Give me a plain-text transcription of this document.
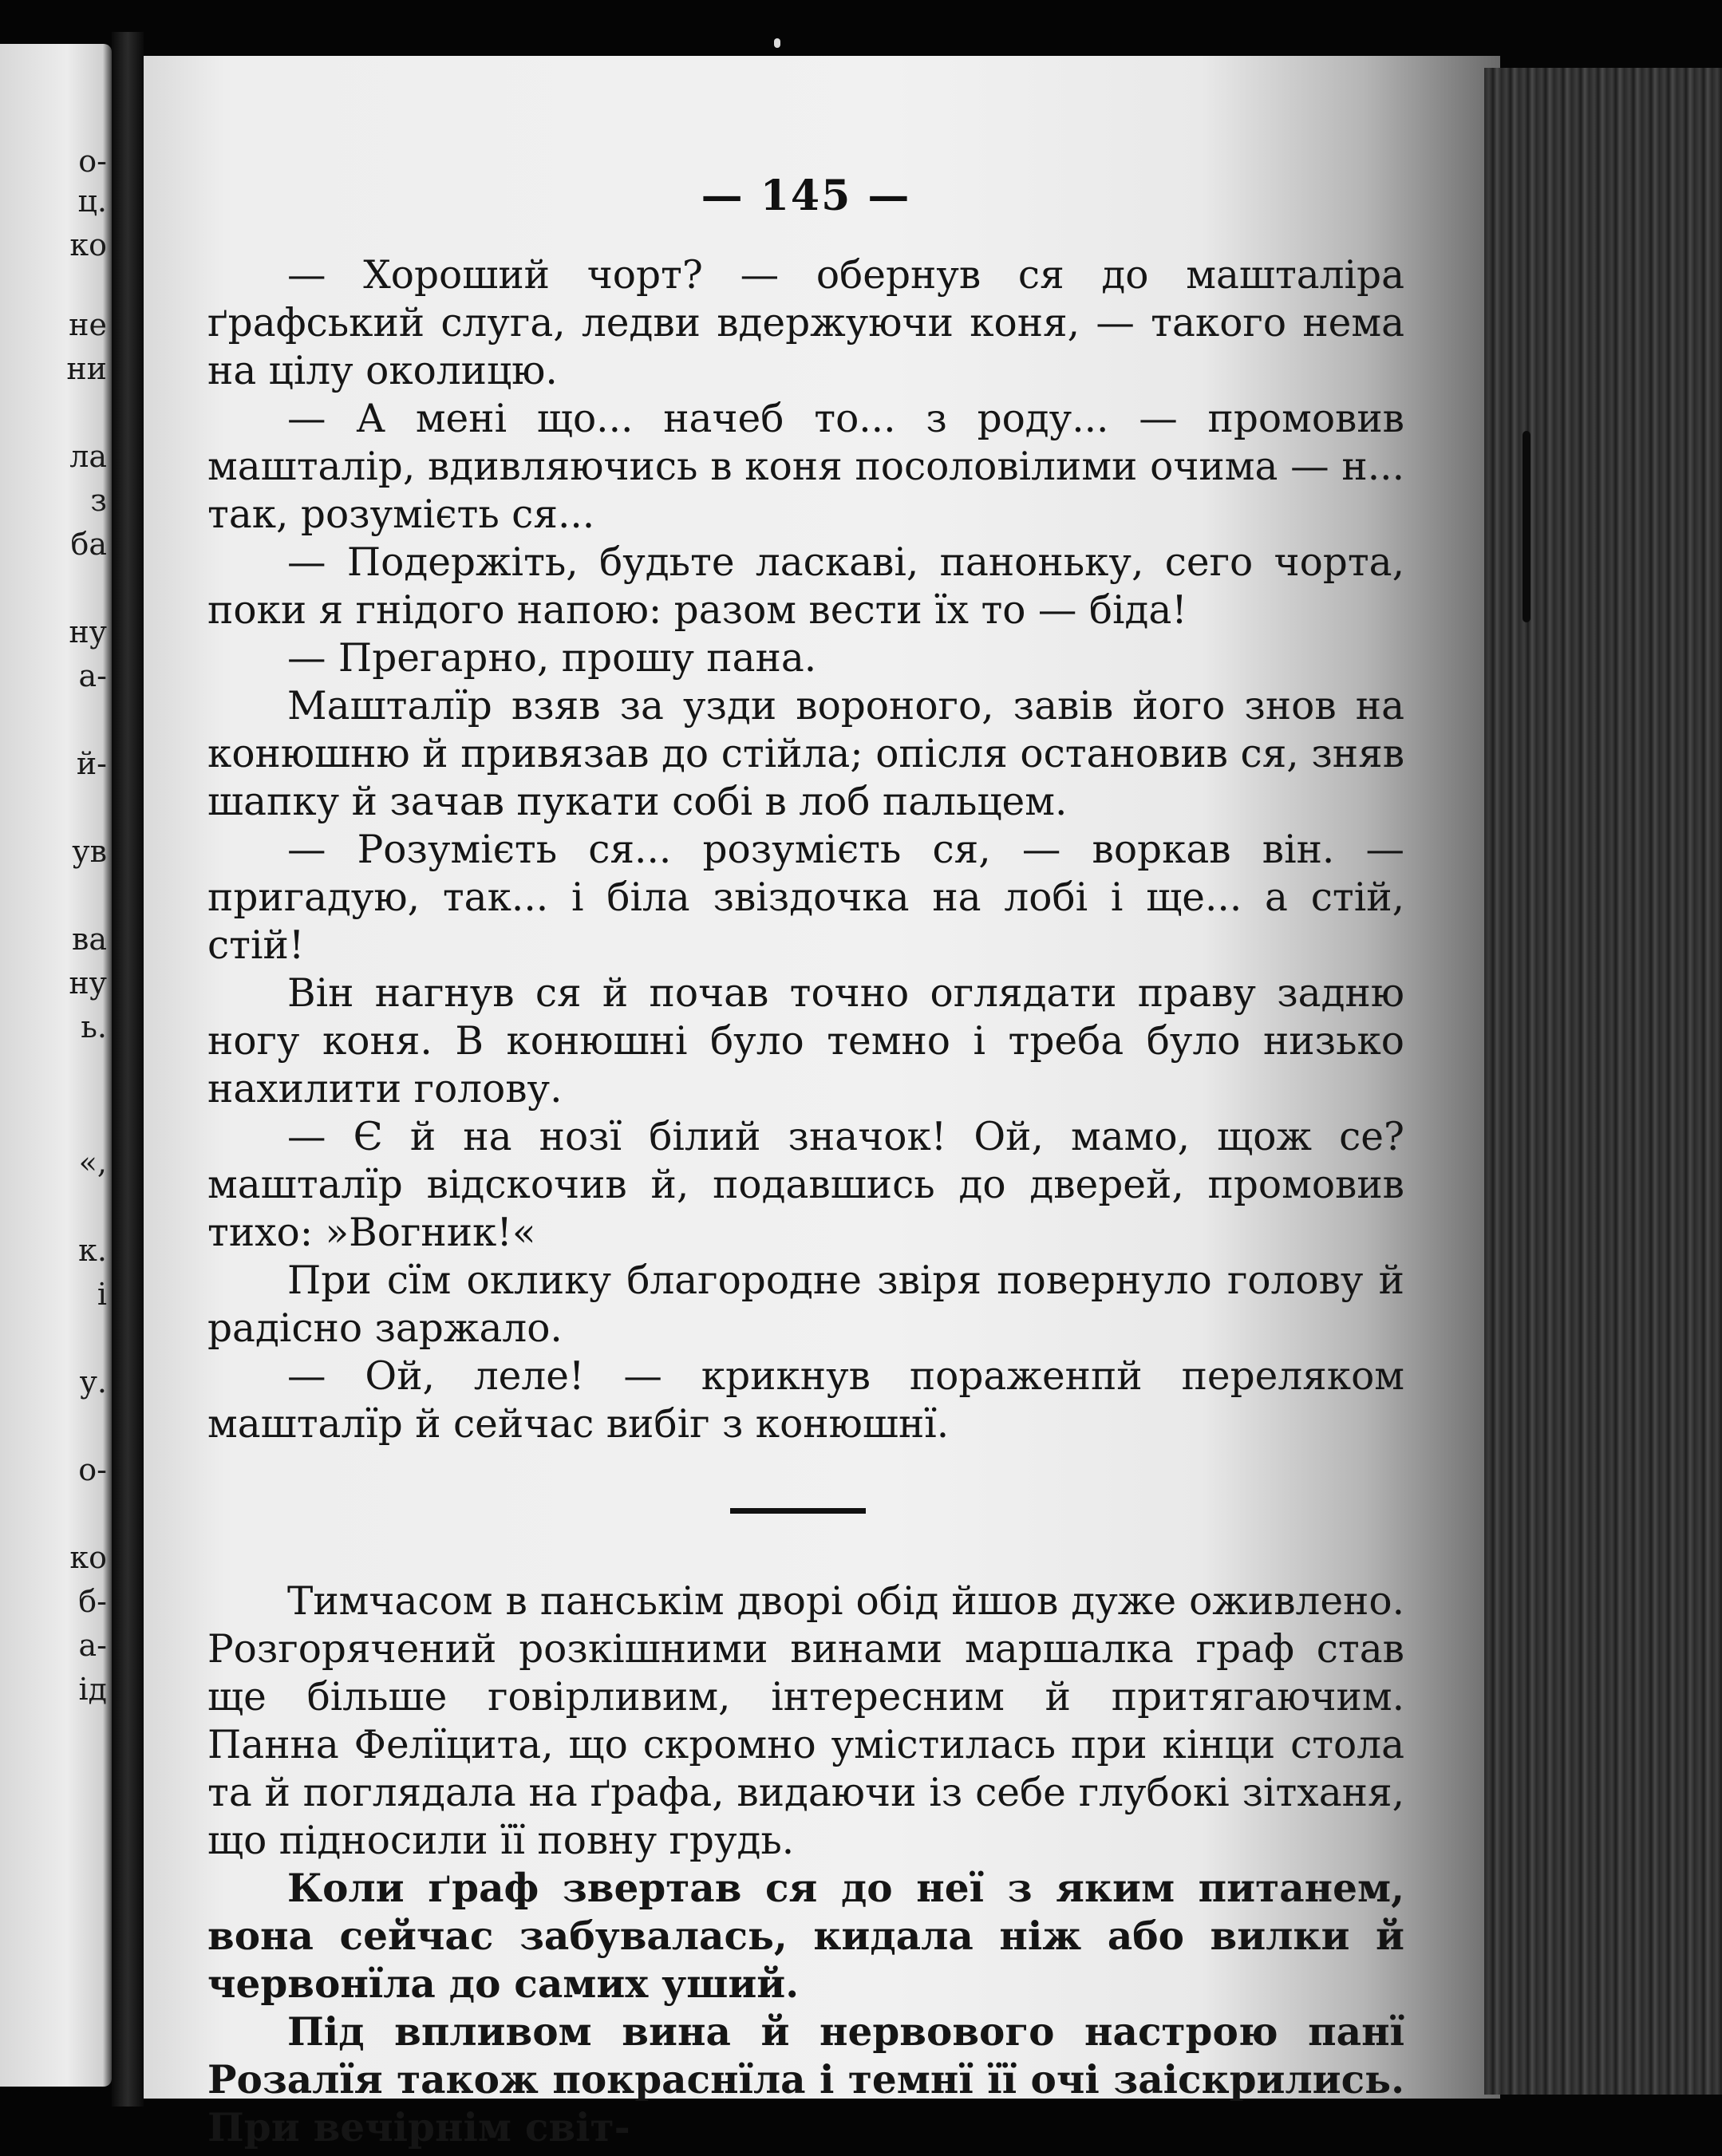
о-
ц.
ко
не
ни
ла
з
ба
ну
а-
й-
ув
ва
ну
ь.
«,
к.
і
у.
о-
ко
б-
а-
ід
— 145 —

— Хороший чорт? — обернув ся до машталіра ґрафський слуга, ледви вдержуючи коня, — такого нема на цілу околицю.

— А мені що... начеб то... з роду... — промовив машталір, вдивляючись в коня посоловілими очима — н... так, розумієть ся...

— Подержіть, будьте ласкаві, паноньку, сего чорта, поки я гнідого напою: разом вести їх то — біда!

— Прегарно, прошу пана.

Машталїр взяв за узди вороного, завів його знов на конюшню й привязав до стійла; опісля остановив ся, зняв шапку й зачав пукати собі в лоб пальцем.

— Розумієть ся... розумієть ся, — воркав він. — пригадую, так... і біла звіздочка на лобі і ще... а стій, стій!

Він нагнув ся й почав точно оглядати праву задню ногу коня. В конюшні було темно і треба було низько нахилити голову.

— Є й на нозї білий значок! Ой, мамо, щож се? машталїр відскочив й, подавшись до дверей, промовив тихо: »Вогник!«

При сїм оклику благородне звіря повернуло голову й радісно заржало.

— Ой, леле! — крикнув пораженпй переляком машталїр й сейчас вибіг з конюшнї.

Тимчасом в панськім дворі обід йшов дуже оживлено. Розгорячений розкішними винами маршалка граф став ще більше говірливим, інтересним й притягаючим. Панна Фелїцита, що скромно умістилась при кінци стола та й поглядала на ґрафа, видаючи із себе глубокі зітханя, що підносили її повну грудь.

Коли ґраф звертав ся до неї з яким питанем, вона сейчас забувалась, кидала ніж або вилки й червонїла до самих уший.

Під впливом вина й нервового настрою панї Розалїя також покраснїла і темнї її очі заіскрились. При вечірнім світ-
